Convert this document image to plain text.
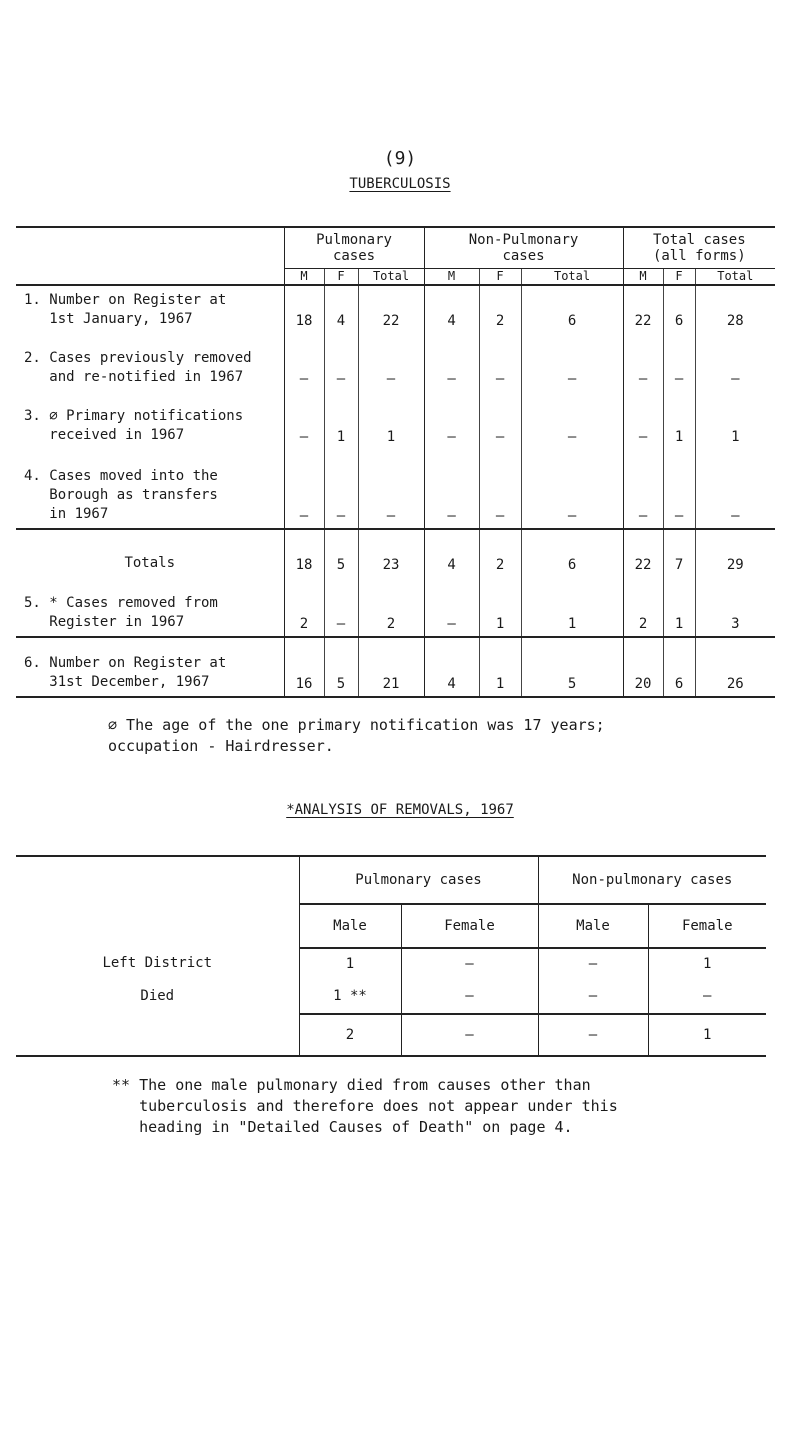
(9)
TUBERCULOSIS
	Pulmonary
cases			Non-Pulmonary
cases			Total cases
(all forms)		
	M	F	Total	M	F	Total	M	F	Total
1. Number on Register at
1st January, 1967	18	4	22	4	2	6	22	6	28
2. Cases previously removed
and re-notified in 1967	–	–	–	–	–	–	–	–	–
3. ∅ Primary notifications
received in 1967	–	1	1	–	–	–	–	1	1
4. Cases moved into the
Borough as transfers
in 1967	–	–	–	–	–	–	–	–	–
Totals	18	5	23	4	2	6	22	7	29
5. * Cases removed from
Register in 1967	2	–	2	–	1	1	2	1	3
6. Number on Register at
31st December, 1967	16	5	21	4	1	5	20	6	26
∅ The age of the one primary notification was 17 years;
occupation - Hairdresser.
*ANALYSIS OF REMOVALS, 1967
	Pulmonary cases		Non-pulmonary cases	
	Male	Female	Male	Female
Left District	1	–	–	1
Died	1 **	–	–	–
	2	–	–	1
** The one male pulmonary died from causes other than
tuberculosis and therefore does not appear under this
heading in "Detailed Causes of Death" on page 4.
